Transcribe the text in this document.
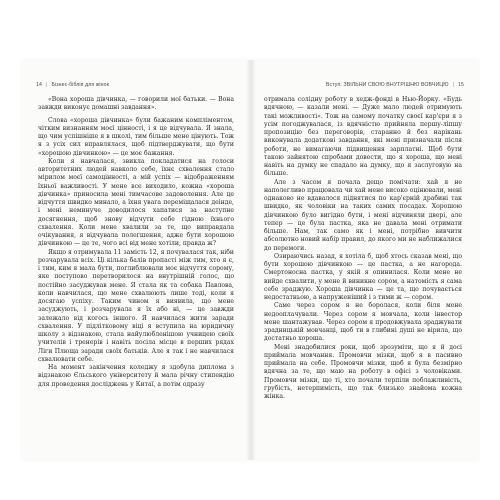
14 | Бізнес-біблія для жінок

«Вона хороша дівчинка, — говорили мої батьки. — Вона завжди виконує домашні завдання».

Слова «хороша дівчинка» були бажаним компліментом, чітким визнанням моєї цінності, і я це відчувала. Я знала, що чим успішніше я в школі, тим більше мене цінують. Тож я з усіх сил вправлялася, щоб підтверджувати, що бути «хорошою дівчинкою» — це моє бажання.

Коли я навчалася, звикла покладатися на голоси авторитетних людей навколо себе, їхнє схвалення стало мірилом моєї самоцінності, а мій успіх — відображенням їхньої важливості. У мене все виходило, кожна «хороша дівчинка» приносила мені тимчасове задоволення. Але це відчуття швидко минало, а їхня увага переміщалася деінде, і мені неминуче доводилося хапатися за наступне досягнення, щоб знову відчути себе гідною їхнього схвалення. Коли мене хвалили за те, що виправдала очікування, я відчувала полегшення, адже бути хорошою дівчинкою — це те, чого всі від мене хотіли, правда ж?

Якщо я отримувала 11 замість 12, я почувалася так, ніби розчарувала всіх. Ці кілька балів пропасті між тим, хто я є, і тим, ким я мала бути, поглиблювали моє відчуття сорому, яке поступово перетворилося на внутрішній голос, що постійно засуджував мене. Я стала як та собака Павлова, коли навчилася, що мене схвалюють лише тоді, коли я досягаю успіху. Таким чином я виявила, що мене засуджують, і розчарувала я їх або ні, — це завжди залежало від когось іншого. Я навчилася жити заради схвалення. У підлітковому віці я вступила на юридичну школу з відзнакою, стала найулюбленішою учницею своїх учителів і тренерів і навіть посіла місце в перших рядах Ліги Плюща заради своїх батьків. Але я так і не навчилася схвалювати себе.

На момент закінчення коледжу я здобула диплома з відзнакою Єльського університету й мала річну стипендію для проведення досліджень у Китаї, а потім одразу

Вступ. ЗВІЛЬНИ СВОЮ ВНУТРІШНЮ ВОВЧИЦЮ | 15

отримала солідну роботу в хедж-фонді в Нью-Йорку. «Будь вдячною, — казали мені. — Дуже мало людей отримують такі можливості». Тож на самому початку своєї кар'єри я з усім погоджувалася, із вдячністю прийняла першу-ліпшу пропозицію без переговорів, старанно й без нарікань виконувала додаткові завдання, які мені призначали після роботи, не вимагаючи підвищення зарплатні. Щоб бути такою зайнятою спробами довести, що я хороша, що мені навіть на думку не спадало на думку, що я заслуговую на більше.

Але з часом я почала дещо помічати: хай я не наполегливо працювала чи хай мене високо оцінювали, мені однаково не вдавалося піднятися по кар'єрній драбині так швидко, як чоловіки на таких самих посадах. Хорошою дівчинкою було вигідно бути, і мені відчиняли двері, але тепер — це була пастка, яка не давала мені отримати більше. Нам, так само як і мені, потрібно вивчити абсолютно новий набір правил, до якого ми не наближалися до перемоги.

Озираючись назад, я хотіла б, щоб хтось сказав мені, що бути хорошою дівчинкою — це пастка, а не нагорода. Смертоносна пастка, у якій я опинилася. Коли мене не вийде схвалити, у мене й виникне сором, а натомість я сама себе зраджую. Хороша дівчинка — це та, що почувається недостатньою, а напруженіший і з тими ж — сором.

Саме через сором я не боролася, коли біля мене недооплачували. Через сором я мовчала, коли інвестор мене шантажував. Через сором я продовжувала зраджувати зрадницькій мовчанці, щоб ти в глибині душі не вірила, що достатньо хороша.

Мені знадобилися роки, щоб зрозуміти, що я й досі приймала мовчання. Промовчи мізки, щоб я в пасивно приймала на себе. Промовчи мізки, щоб я була безмірно вдячна за те, що маю на роботу в офісі з чоловіками. Промовчи мізки, що ті, хто почали терпіли поблажливість, грубість, нетерпимість, що так близько знайома кожна жінка.
